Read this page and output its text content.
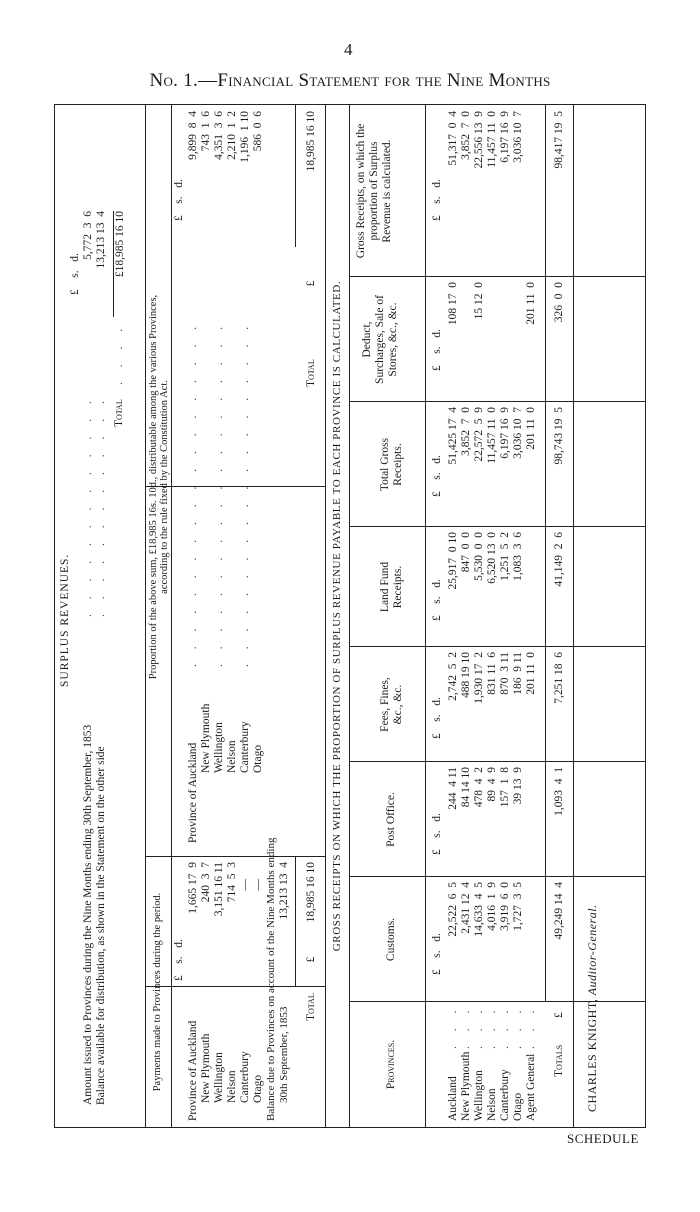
4
No. 1.—Financial Statement for the Nine Months
SURPLUS REVENUES.
£    s.   d.
Amount issued to Provinces during the Nine Months ending 30th September, 1853
. . . . . . . . . . . . .
5,772  3  6
Balance available for distribution, as shown in the Statement on the other side
. . . . . . . . . . . . .
13,213 13  4
Total
. . . .
£18,985 16 10
Payments made to Provinces during the period.
Proportion of the above sum, £18,985 16s. 10d., distributable among the various Provinces, according to the rule fixed by the Constitution Act.
£    s.   d.
Province of Auckland
1,665 17  9
New Plymouth
240  3  7
Wellington
3,151 16 11
Nelson
714  5  3
Canterbury
—
Otago
— Balance due to Provinces on account of the Nine Months ending 30th September, 1853
13,213 13  4
Total £
18,985 16 10
£    s.   d.
Province of Auckland
9,899  8  4
New Plymouth
743  1  6
Wellington
4,351  3  6
Nelson
2,210  1  2
Canterbury
1,196  1 10
Otago
586  0  6
. . . . . . . . . . . . . . . . . . . . . . . . . . . . . . . . . . . . . . . . . . . . . . . . . . . . . . . . . . . .	Total £
18,985 16 10
GROSS RECEIPTS ON WHICH THE PROPORTION OF SURPLUS REVENUE PAYABLE TO EACH PROVINCE IS CALCULATED.
Provinces.
Customs.
Post Office.
Fees, Fines, &c., &c.
Land Fund Receipts.
Total Gross Receipts.
Deduct, Surcharges, Sale of Stores, &c., &c.
Gross Receipts, on which the proportion of Surplus Revenue is calculated.
£    s.   d.
£    s.   d.
£    s.   d.
£    s.   d.
£    s.   d.
£    s.   d.
£    s.   d.
Auckland
. . .
22,522  6  5
244  4 11
2,742  5  2
25,917  0 10
51,425 17  4
108 17  0
51,317  0  4
New Plymouth
. . .
2,431 12  4
84 14 10
488 19 10
847  0  0
3,852  7  0
3,852  7  0
Wellington
. . .
14,633  4  5
478  4  2
1,930 17  2
5,530  0  0
22,572  5  9
15 12  0
22,556 13  9
Nelson
. . .
4,016  1  9
89  4  9
831 11  6
6,520 13  0
11,457 11  0
11,457 11  0
Canterbury
. . .
3,919  6  0
157  1  8
870  3 11
1,251  5  2
6,197 16  9
6,197 16  9
Otago
. . .
1,727  3  5
39 13  9
186  9 11
1,083  3  6
3,036 10  7
3,036 10  7
Agent General
. . .
201 11  0
201 11  0
201 11  0
Totals £
49,249 14  4
1,093  4  1
7,251 18  6
41,149  2  6
98,743 19  5
326  0  0
98,417 19  5
CHARLES KNIGHT, Auditor-General.
SCHEDULE
